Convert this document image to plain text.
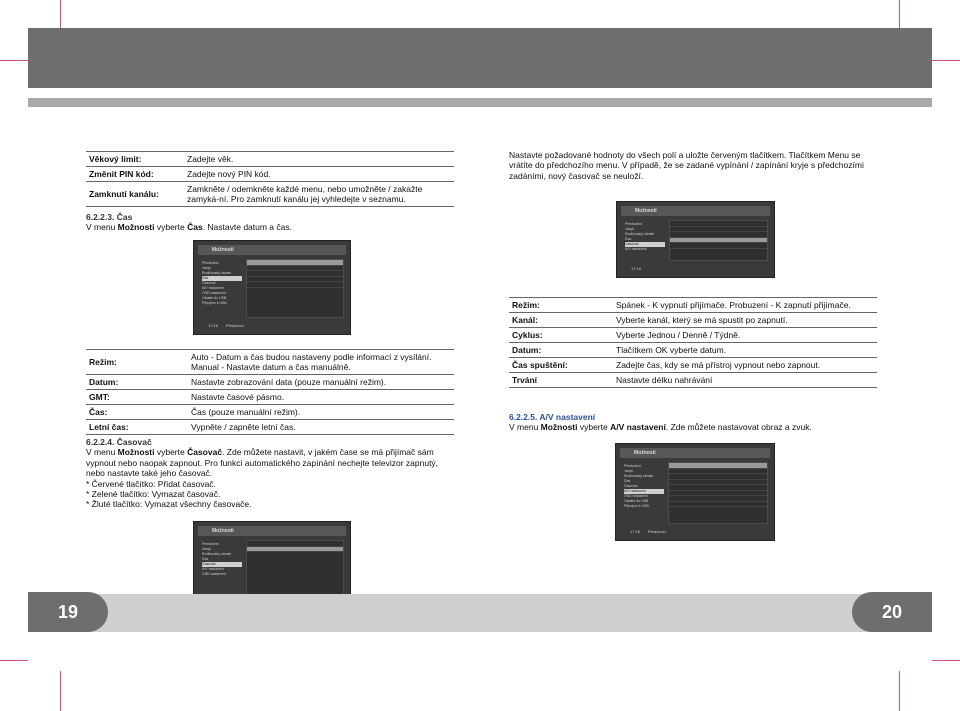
Věkový limit:	Zadejte věk.
Změnit PIN kód:	Zadejte nový PIN kód.
Zamknutí kanálu:	Zamkněte / odemkněte každé menu, nebo umožněte / zakažte zamyká-ní. Pro zamknutí kanálu jej vyhledejte v seznamu.
6.2.2.3. Čas
V menu Možnosti vyberte Čas. Nastavte datum a čas.
Možnosti
Předvolení
Jazyk
Rodičovský zámek
Čas
Časovač
A/V nastavení
OSD nastavení
Ostatní do USB
Připojení k USB
17:16 Předchozí
Režim:	Auto - Datum a čas budou nastaveny podle informací z vysílání. Manual - Nastavte datum a čas manuálně.
Datum:	Nastavte zobrazování data (pouze manuální režim).
GMT:	Nastavte časové pásmo.
Čas:	Čas (pouze manuální režim).
Letní čas:	Vypněte / zapněte letní čas.
6.2.2.4. Časovač
V menu Možnosti vyberte Časovač. Zde můžete nastavit, v jakém čase se má přijímač sám vypnout nebo naopak zapnout. Pro funkci automatického zapínání nechejte televizor zapnutý, nebo nastavte také jeho časovač.
* Červené tlačítko: Přidat časovač.
* Zelené tlačítko: Vymazat časovač.
* Žluté tlačítko: Vymazat všechny časovače.
Možnosti
Předvolení
Jazyk
Rodičovský zámek
Čas
Časovač
A/V nastavení
OSD nastavení
Nastavte požadované hodnoty do všech polí a uložte červeným tlačítkem. Tlačítkem Menu se vrátíte do předchozího menu. V případě, že se zadané vypínání / zapínání kryje s předchozími zadáními, nový časovač se neuloží.
Možnosti
Předvolení
Jazyk
Rodičovský zámek
Čas
Časovač
A/V nastavení
17:16
Režim:	Spánek - K vypnutí přijímače. Probuzení - K zapnutí přijímače.
Kanál:	Vyberte kanál, který se má spustit po zapnutí.
Cyklus:	Vyberte Jednou / Denně / Týdně.
Datum:	Tlačítkem OK vyberte datum.
Čas spuštění:	Zadejte čas, kdy se má přístroj vypnout nebo zapnout.
Trvání	Nastavte délku nahrávání
6.2.2.5. A/V nastavení
V menu Možnosti vyberte A/V nastavení. Zde můžete nastavovat obraz a zvuk.
Možnosti
Předvolení
Jazyk
Rodičovský zámek
Čas
Časovač
A/V nastavení
OSD nastavení
Ostatní do USB
Připojení k USB
17:16 Předchozí
19	20
